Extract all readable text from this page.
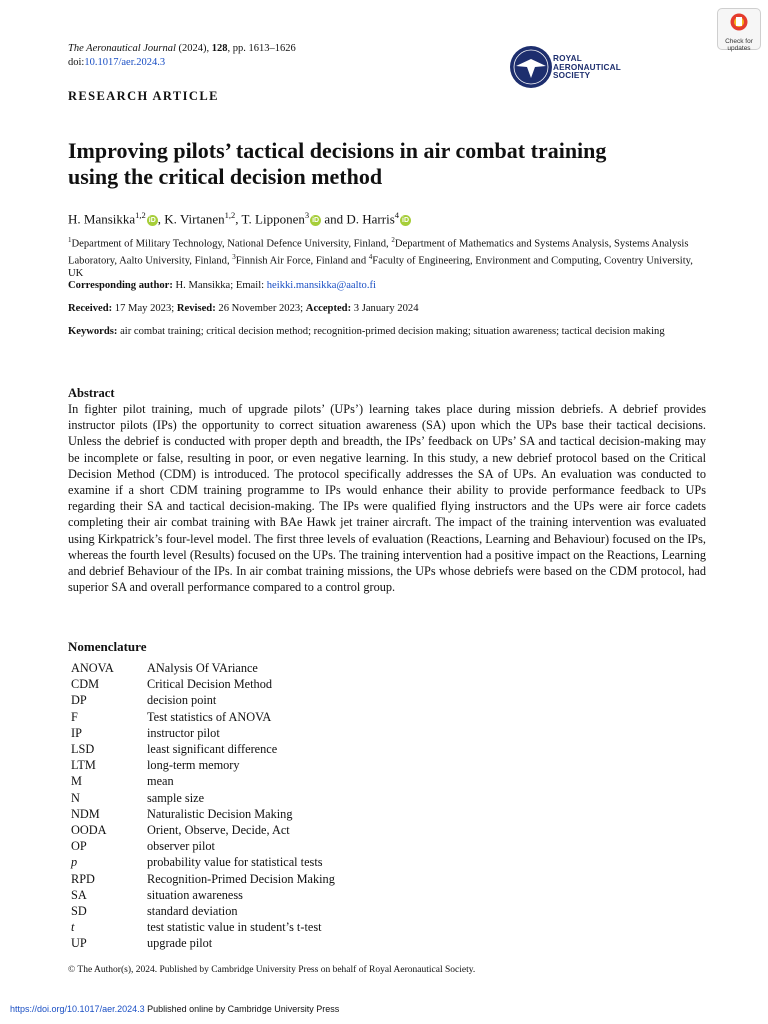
The Aeronautical Journal (2024), 128, pp. 1613–1626
doi:10.1017/aer.2024.3	ROYAL
AERONAUTICAL
SOCIETY
Check for
updates
RESEARCH ARTICLE
Improving pilots’ tactical decisions in air combat training
using the critical decision method
H. Mansikka$^{1,2}$iD , K. Virtanen$^{1,2}$, T. Lipponen$^3$iD and D. Harris$^4$iD
$^1$Department of Military Technology, National Defence University, Finland, $^2$Department of Mathematics and Systems Analysis, Systems Analysis Laboratory, Aalto University, Finland, $^3$Finnish Air Force, Finland and $^4$Faculty of Engineering, Environment and Computing, Coventry University, UK
Corresponding author: H. Mansikka; Email: heikki.mansikka@aalto.fi
Received: 17 May 2023; Revised: 26 November 2023; Accepted: 3 January 2024
Keywords: air combat training; critical decision method; recognition-primed decision making; situation awareness; tactical decision making
Abstract
In fighter pilot training, much of upgrade pilots’ (UPs’) learning takes place during mission debriefs. A debrief provides instructor pilots (IPs) the opportunity to correct situation awareness (SA) upon which the UPs base their tactical decisions. Unless the debrief is conducted with proper depth and breadth, the IPs’ feedback on UPs’ SA and tactical decision-making may be incomplete or false, resulting in poor, or even negative learning. In this study, a new debrief protocol based on the Critical Decision Method (CDM) is introduced. The protocol specifically addresses the SA of UPs. An evaluation was conducted to examine if a short CDM training programme to IPs would enhance their ability to provide performance feedback to UPs regarding their SA and tactical decision-making. The IPs were qualified flying instructors and the UPs were air force cadets completing their air combat training with BAe Hawk jet trainer aircraft. The impact of the training intervention was evaluated using Kirkpatrick’s four-level model. The first three levels of evaluation (Reactions, Learning and Behaviour) focused on the IPs, whereas the fourth level (Results) focused on the UPs. The training intervention had a positive impact on the Reactions, Learning and debrief Behaviour of the IPs. In air combat training missions, the UPs whose debriefs were based on the CDM protocol, had superior SA and overall performance compared to a control group.
Nomenclature
ANOVA	ANalysis Of VAriance
CDM	Critical Decision Method
DP	decision point
F	Test statistics of ANOVA
IP	instructor pilot
LSD	least significant difference
LTM	long-term memory
M	mean
N	sample size
NDM	Naturalistic Decision Making
OODA	Orient, Observe, Decide, Act
OP	observer pilot
p	probability value for statistical tests
RPD	Recognition-Primed Decision Making
SA	situation awareness
SD	standard deviation
t	test statistic value in student’s t-test
UP	upgrade pilot
© The Author(s), 2024. Published by Cambridge University Press on behalf of Royal Aeronautical Society.
https://doi.org/10.1017/aer.2024.3 Published online by Cambridge University Press
